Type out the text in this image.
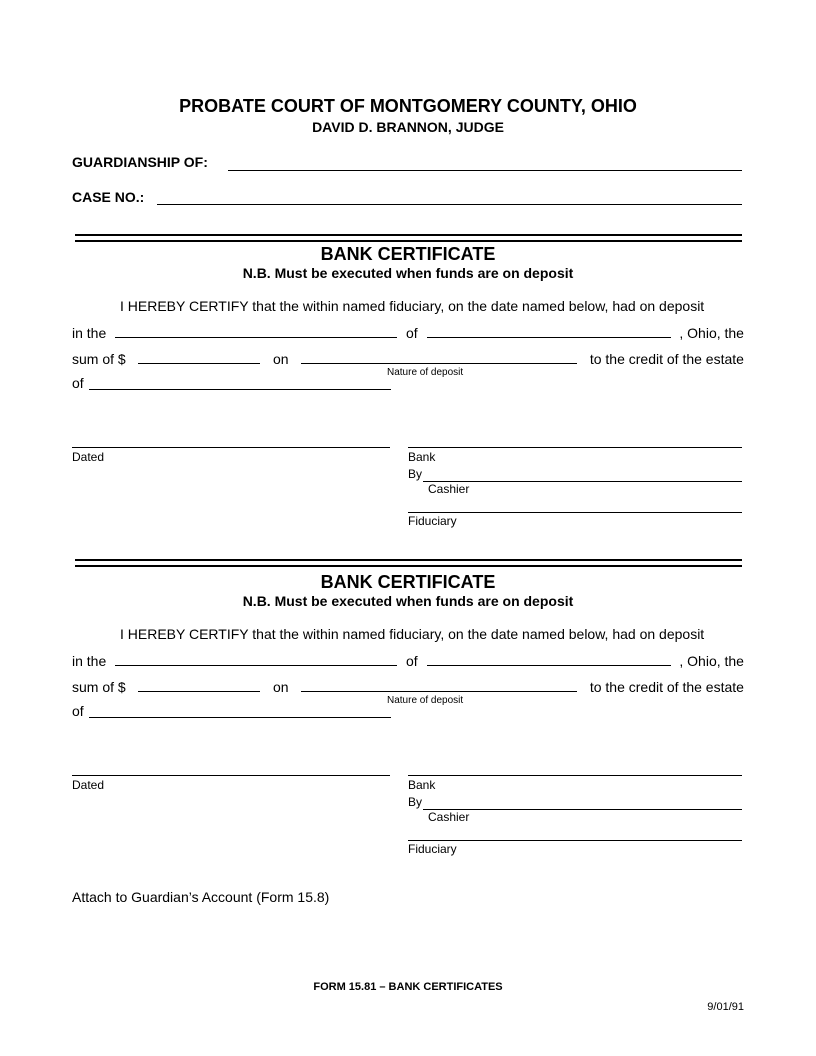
PROBATE COURT OF MONTGOMERY COUNTY, OHIO
DAVID D. BRANNON, JUDGE
GUARDIANSHIP OF:
CASE NO.:
BANK CERTIFICATE
N.B. Must be executed when funds are on deposit
I HEREBY CERTIFY that the within named fiduciary, on the date named below, had on deposit
in the	of	, Ohio, the
sum of $	on	to the credit of the estate
Nature of deposit
of
Dated	Bank
By
Cashier
Fiduciary
BANK CERTIFICATE
N.B. Must be executed when funds are on deposit
I HEREBY CERTIFY that the within named fiduciary, on the date named below, had on deposit
in the	of	, Ohio, the
sum of $	on	to the credit of the estate
Nature of deposit
of
Dated	Bank
By
Cashier
Fiduciary
Attach to Guardian’s Account (Form 15.8)
FORM 15.81 – BANK CERTIFICATES
9/01/91
